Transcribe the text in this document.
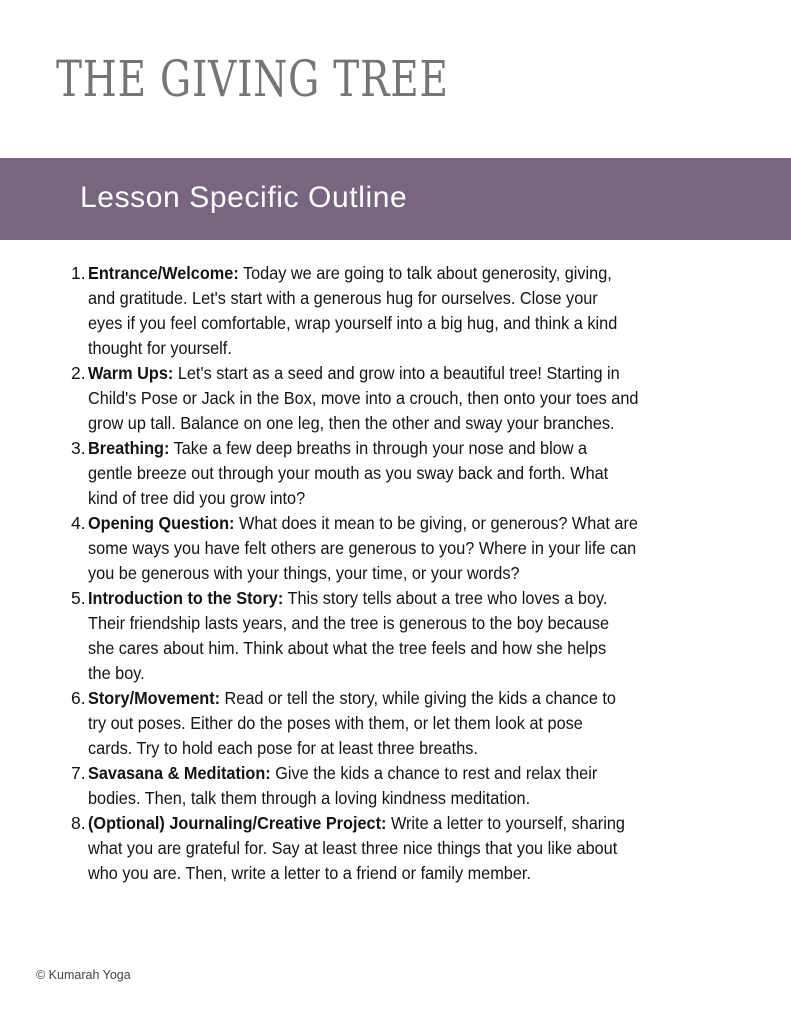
THE GIVING TREE
Lesson Specific Outline
1. Entrance/Welcome: Today we are going to talk about generosity, giving,
and gratitude. Let's start with a generous hug for ourselves. Close your
eyes if you feel comfortable, wrap yourself into a big hug, and think a kind
thought for yourself.
2. Warm Ups: Let's start as a seed and grow into a beautiful tree! Starting in
Child's Pose or Jack in the Box, move into a crouch, then onto your toes and
grow up tall. Balance on one leg, then the other and sway your branches.
3. Breathing: Take a few deep breaths in through your nose and blow a
gentle breeze out through your mouth as you sway back and forth. What
kind of tree did you grow into?
4. Opening Question: What does it mean to be giving, or generous? What are
some ways you have felt others are generous to you? Where in your life can
you be generous with your things, your time, or your words?
5. Introduction to the Story: This story tells about a tree who loves a boy.
Their friendship lasts years, and the tree is generous to the boy because
she cares about him. Think about what the tree feels and how she helps
the boy.
6. Story/Movement: Read or tell the story, while giving the kids a chance to
try out poses. Either do the poses with them, or let them look at pose
cards. Try to hold each pose for at least three breaths.
7. Savasana & Meditation: Give the kids a chance to rest and relax their
bodies. Then, talk them through a loving kindness meditation.
8. (Optional) Journaling/Creative Project: Write a letter to yourself, sharing
what you are grateful for. Say at least three nice things that you like about
who you are. Then, write a letter to a friend or family member.
© Kumarah Yoga
